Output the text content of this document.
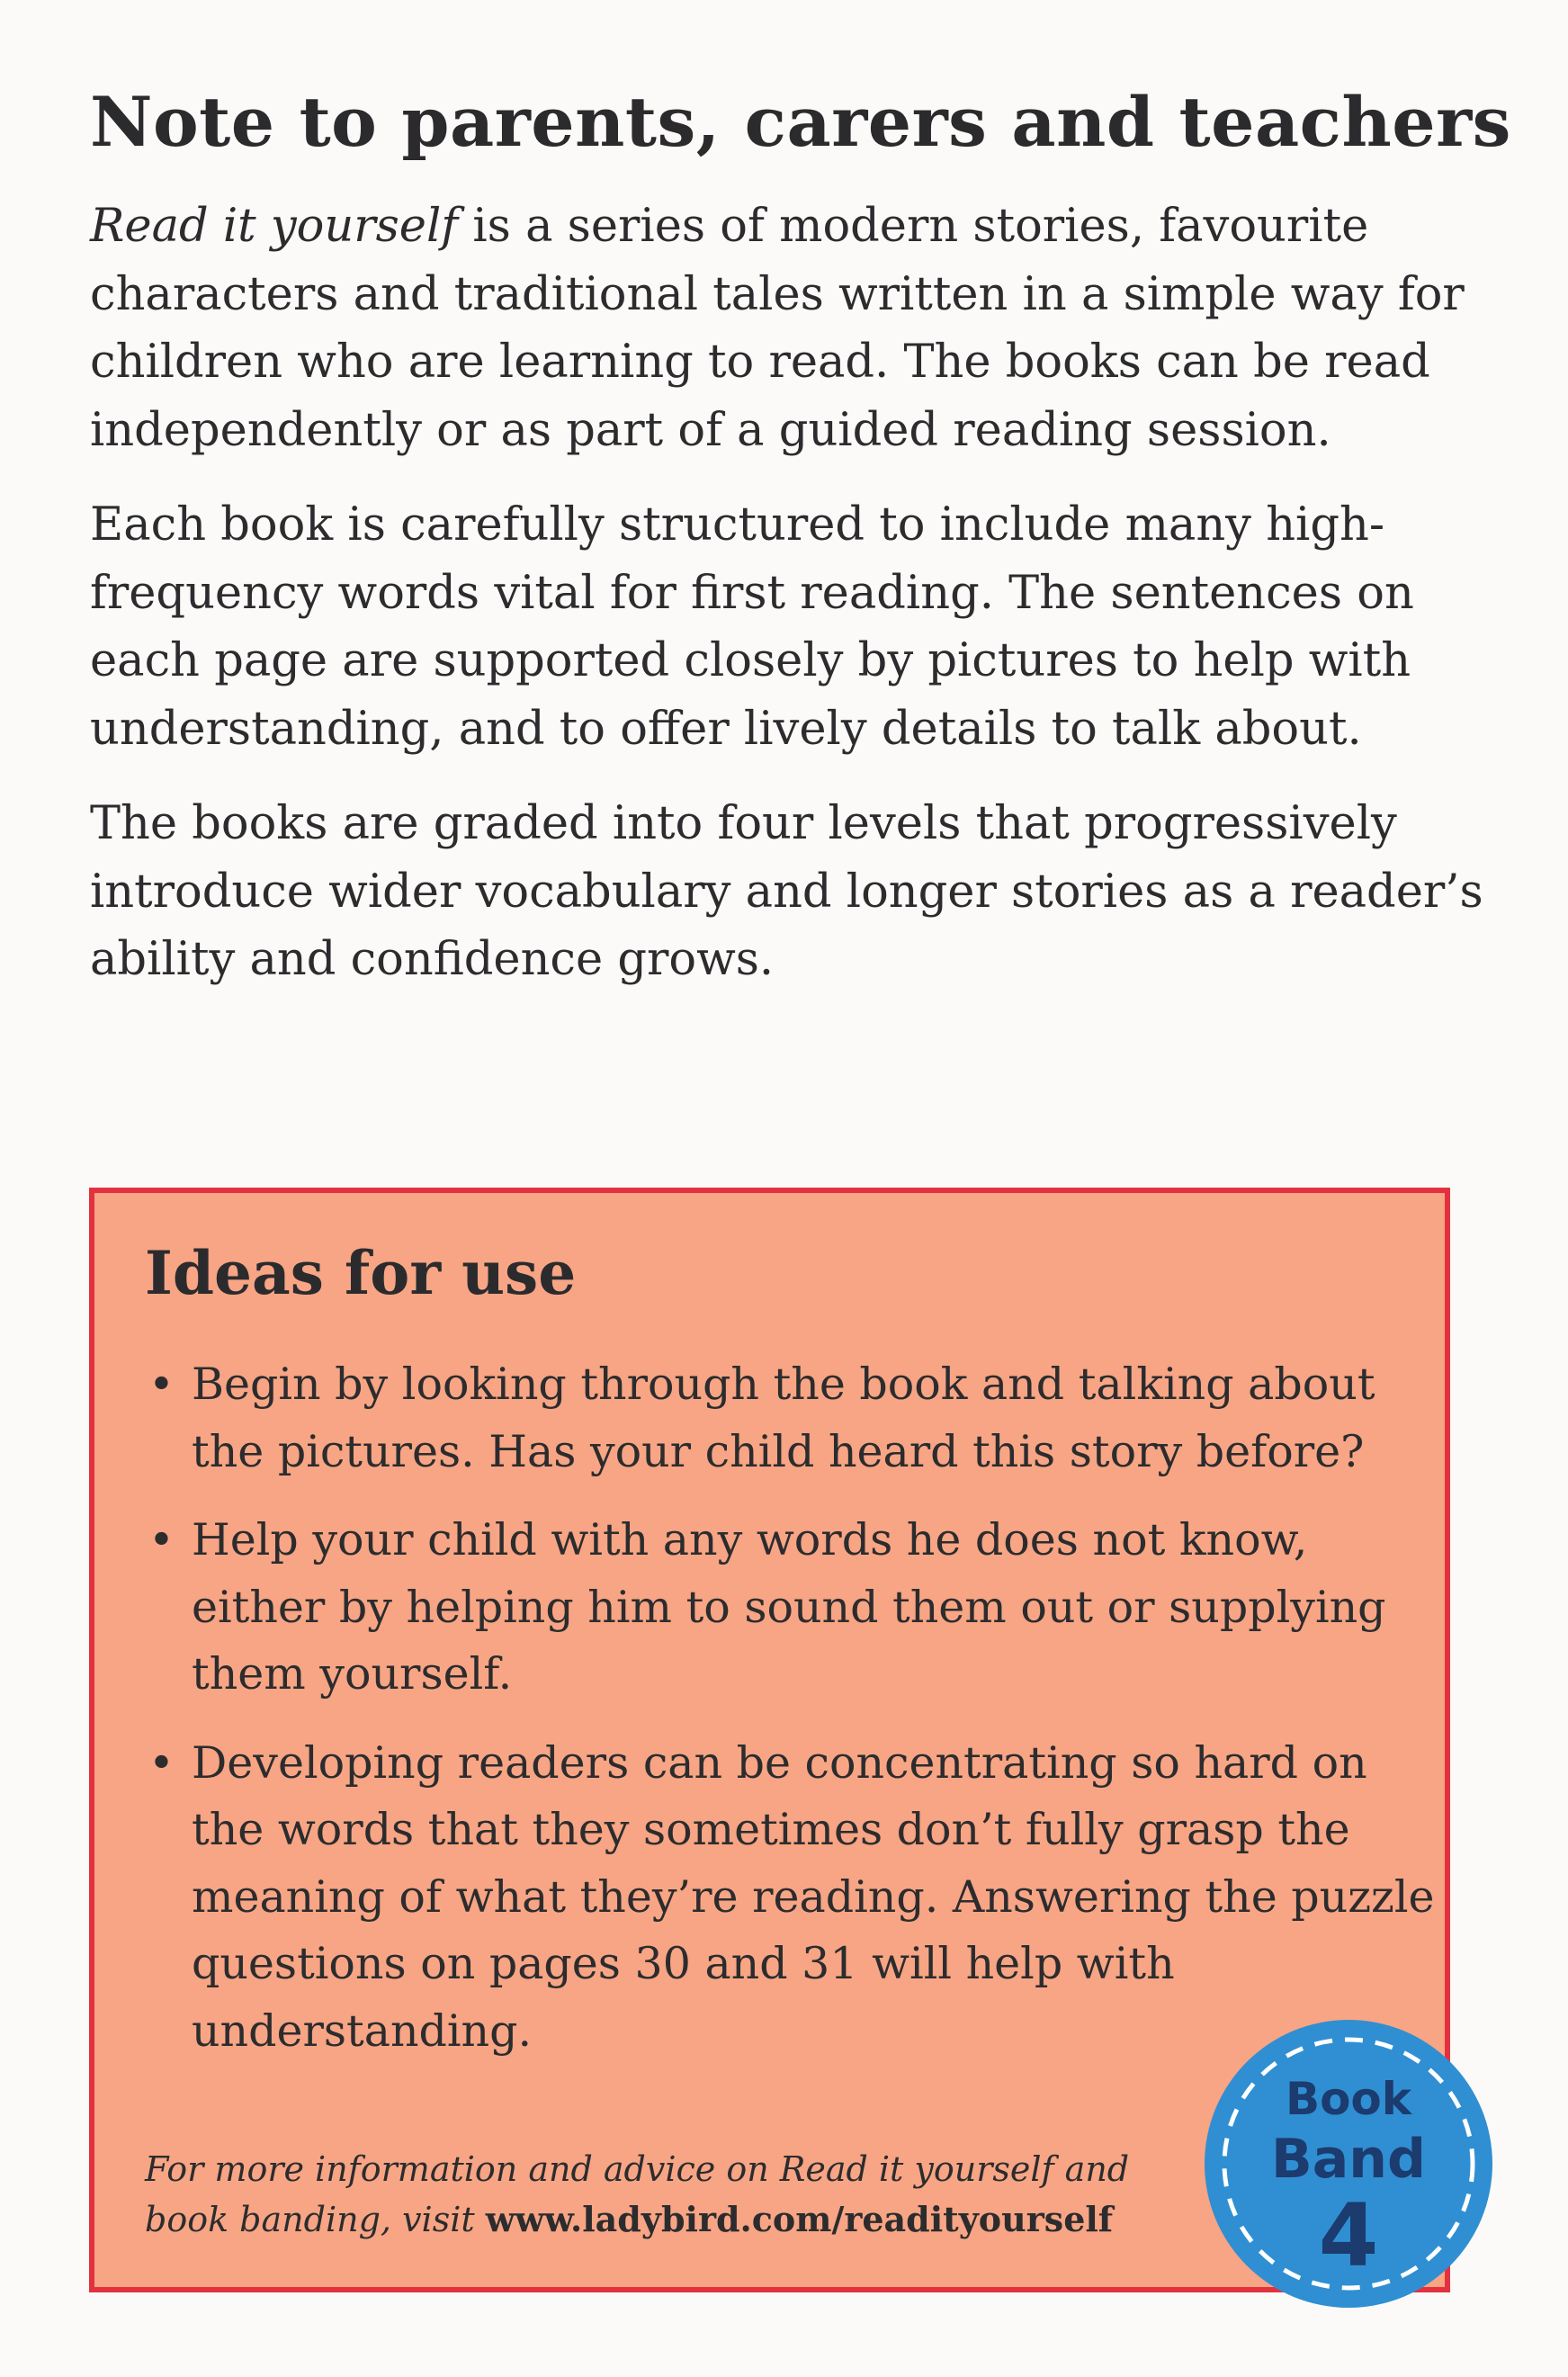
Note to parents, carers and teachers

Read it yourself is a series of modern stories, favourite characters and traditional tales written in a simple way for children who are learning to read. The books can be read independently or as part of a guided reading session.

Each book is carefully structured to include many high-frequency words vital for first reading. The sentences on each page are supported closely by pictures to help with understanding, and to offer lively details to talk about.

The books are graded into four levels that progressively introduce wider vocabulary and longer stories as a reader’s ability and confidence grows.

Ideas for use
• Begin by looking through the book and talking about the pictures. Has your child heard this story before?
• Help your child with any words he does not know, either by helping him to sound them out or supplying them yourself.
• Developing readers can be concentrating so hard on the words that they sometimes don’t fully grasp the meaning of what they’re reading. Answering the puzzle questions on pages 30 and 31 will help with understanding.

For more information and advice on Read it yourself and book banding, visit www.ladybird.com/readityourself

Book
Band
4
